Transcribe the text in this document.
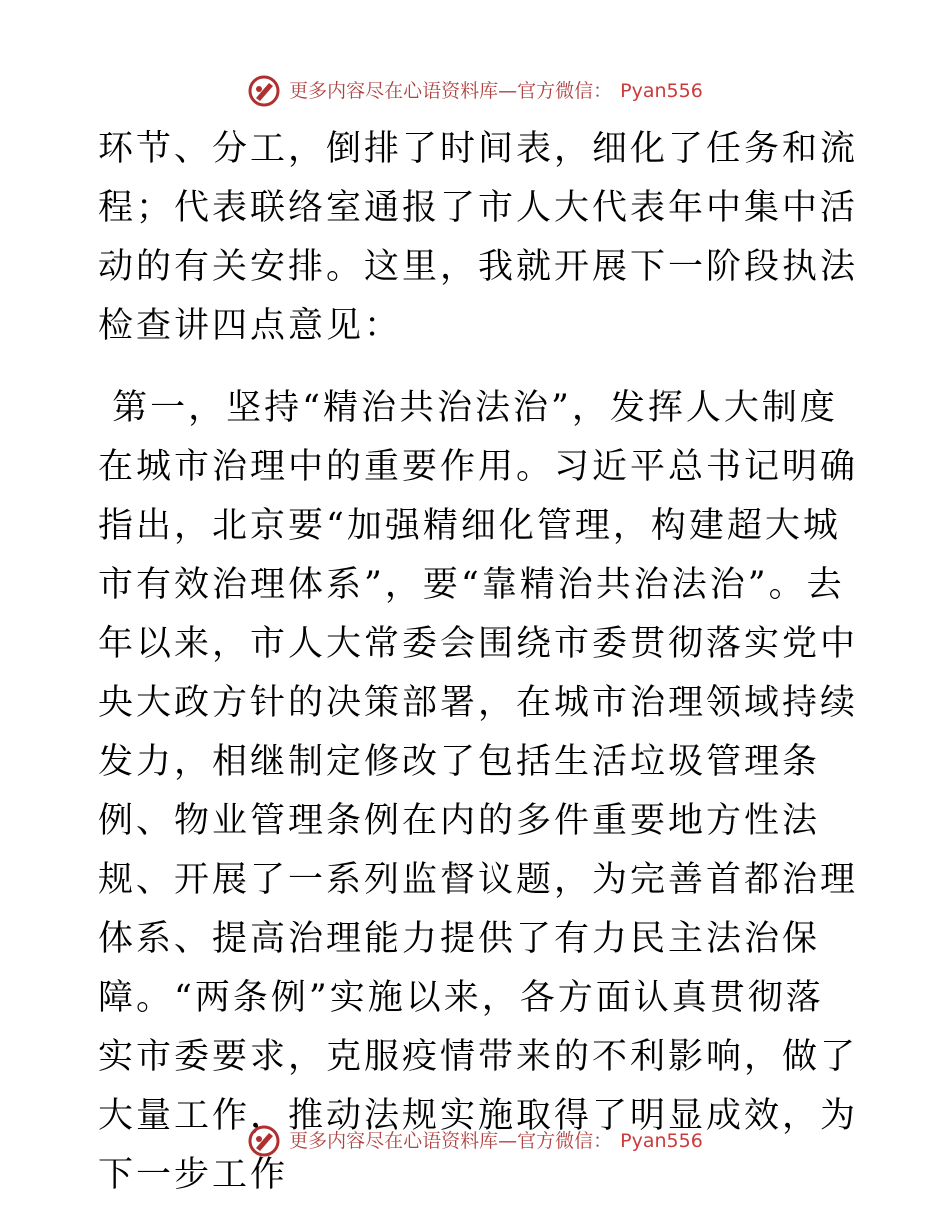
更多内容尽在心语资料库—官方微信： Pyan556

环节、分工，倒排了时间表，细化了任务和流程；代表联络室通报了市人大代表年中集中活动的有关安排。这里，我就开展下一阶段执法检查讲四点意见：

第一，坚持“精治共治法治”，发挥人大制度在城市治理中的重要作用。习近平总书记明确指出，北京要“加强精细化管理，构建超大城市有效治理体系”，要“靠精治共治法治”。去年以来，市人大常委会围绕市委贯彻落实党中央大政方针的决策部署，在城市治理领域持续发力，相继制定修改了包括生活垃圾管理条例、物业管理条例在内的多件重要地方性法规、开展了一系列监督议题，为完善首都治理体系、提高治理能力提供了有力民主法治保障。“两条例”实施以来，各方面认真贯彻落实市委要求，克服疫情带来的不利影响，做了大量工作，推动法规实施取得了明显成效，为下一步工作

更多内容尽在心语资料库—官方微信： Pyan556
